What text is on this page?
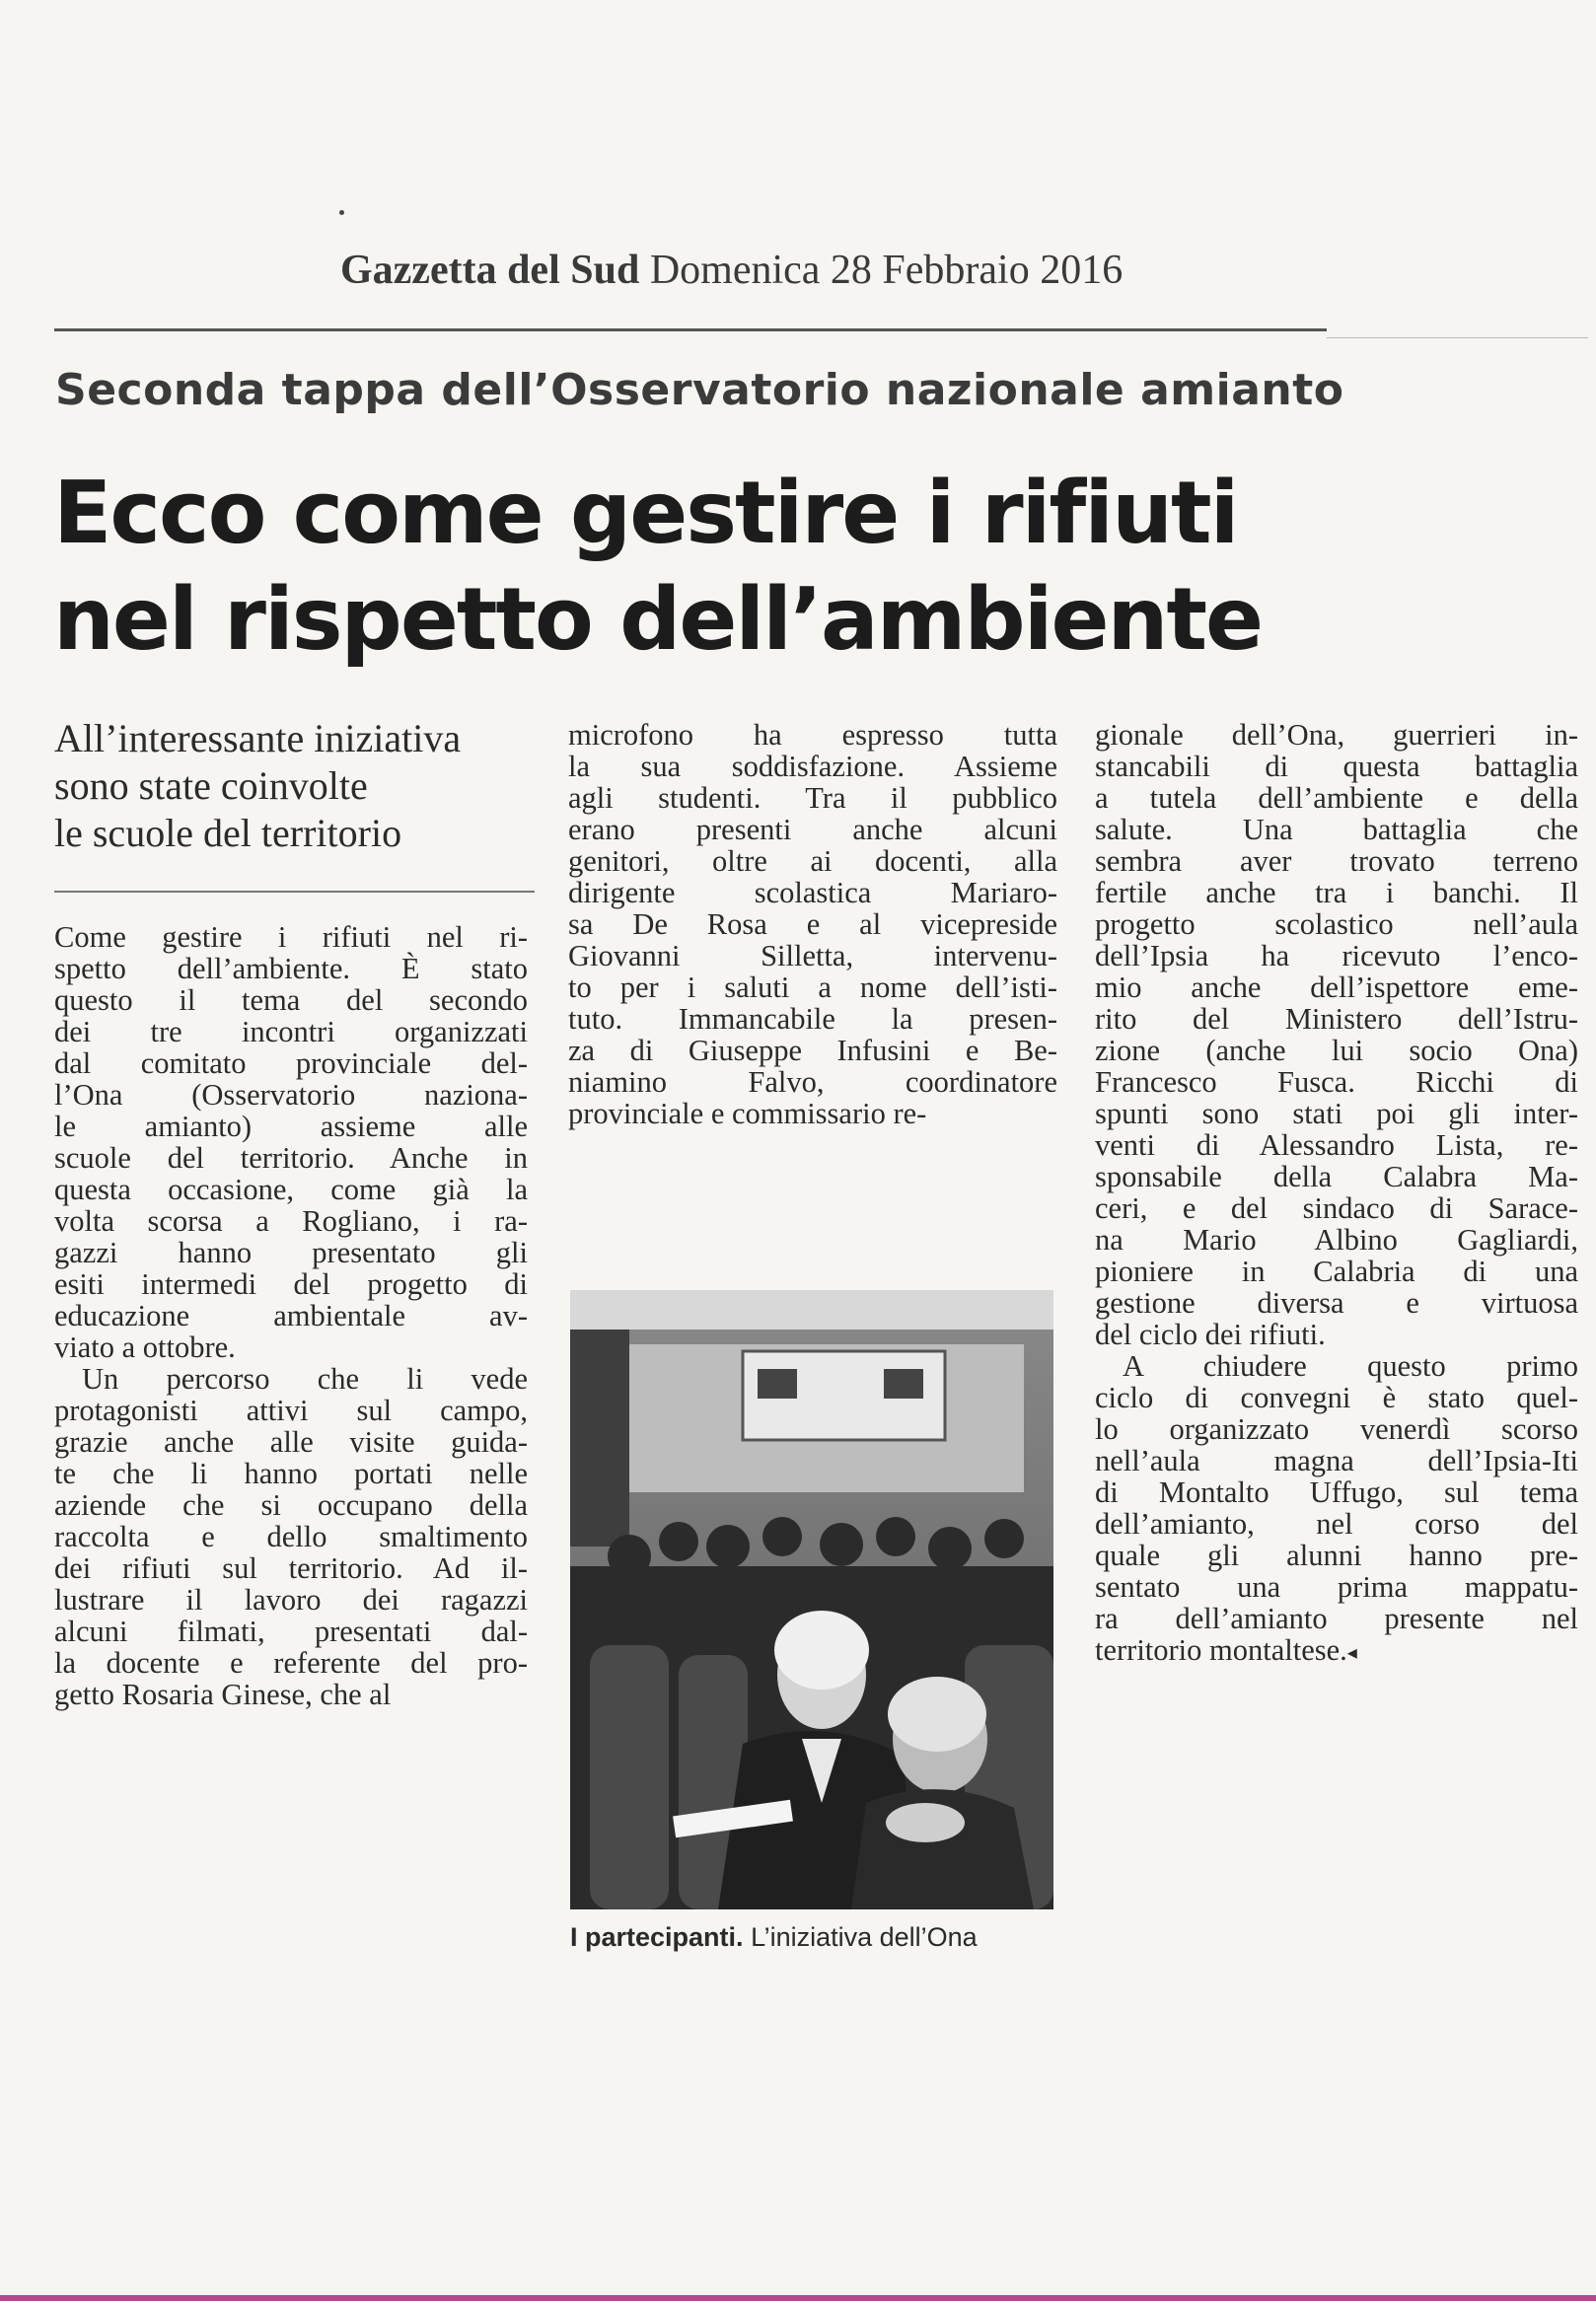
Gazzetta del Sud Domenica 28 Febbraio 2016
Seconda tappa dell’Osservatorio nazionale amianto
Ecco come gestire i rifiuti
nel rispetto dell’ambiente
All’interessante iniziativa
sono state coinvolte
le scuole del territorio
Come gestire i rifiuti nel ri-
spetto dell’ambiente. È stato
questo il tema del secondo
dei tre incontri organizzati
dal comitato provinciale del-
l’Ona (Osservatorio naziona-
le amianto) assieme alle
scuole del territorio. Anche in
questa occasione, come già la
volta scorsa a Rogliano, i ra-
gazzi hanno presentato gli
esiti intermedi del progetto di
educazione ambientale av-
viato a ottobre.
Un percorso che li vede
protagonisti attivi sul campo,
grazie anche alle visite guida-
te che li hanno portati nelle
aziende che si occupano della
raccolta e dello smaltimento
dei rifiuti sul territorio. Ad il-
lustrare il lavoro dei ragazzi
alcuni filmati, presentati dal-
la docente e referente del pro-
getto Rosaria Ginese, che al
microfono ha espresso tutta
la sua soddisfazione. Assieme
agli studenti. Tra il pubblico
erano presenti anche alcuni
genitori, oltre ai docenti, alla
dirigente scolastica Mariaro-
sa De Rosa e al vicepreside
Giovanni Silletta, intervenu-
to per i saluti a nome dell’isti-
tuto. Immancabile la presen-
za di Giuseppe Infusini e Be-
niamino Falvo, coordinatore
provinciale e commissario re-
gionale dell’Ona, guerrieri in-
stancabili di questa battaglia
a tutela dell’ambiente e della
salute. Una battaglia che
sembra aver trovato terreno
fertile anche tra i banchi. Il
progetto scolastico nell’aula
dell’Ipsia ha ricevuto l’enco-
mio anche dell’ispettore eme-
rito del Ministero dell’Istru-
zione (anche lui socio Ona)
Francesco Fusca. Ricchi di
spunti sono stati poi gli inter-
venti di Alessandro Lista, re-
sponsabile della Calabra Ma-
ceri, e del sindaco di Sarace-
na Mario Albino Gagliardi,
pioniere in Calabria di una
gestione diversa e virtuosa
del ciclo dei rifiuti.
A chiudere questo primo
ciclo di convegni è stato quel-
lo organizzato venerdì scorso
nell’aula magna dell’Ipsia-Iti
di Montalto Uffugo, sul tema
dell’amianto, nel corso del
quale gli alunni hanno pre-
sentato una prima mappatu-
ra dell’amianto presente nel
territorio montaltese.◂
I partecipanti. L’iniziativa dell’Ona
